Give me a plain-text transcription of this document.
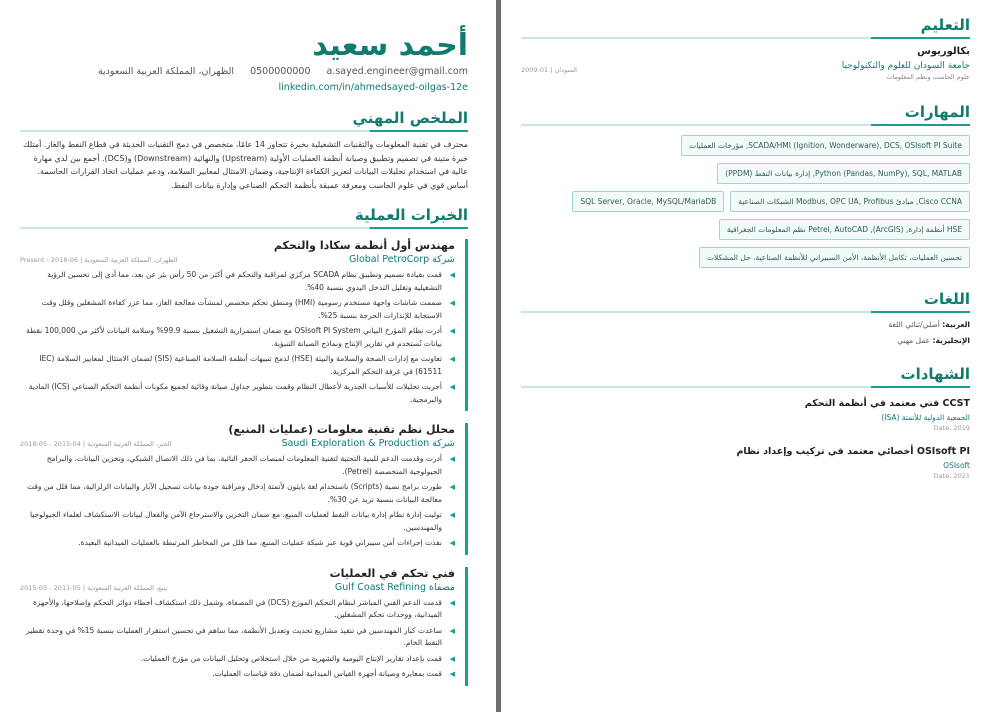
أحمد سعيد
a.sayed.engineer@gmail.com
0500000000
الظهران، المملكة العربية السعودية
linkedin.com/in/ahmedsayed-oilgas-12e
الملخص المهني
محترف في تقنية المعلومات والتقنيات التشغيلية بخبرة تتجاوز 14 عامًا، متخصص في دمج التقنيات الحديثة في قطاع النفط والغاز. أمتلك خبرة متينة في تصميم وتطبيق وصيانة أنظمة العمليات الأولية (Upstream) والنهائية (Downstream) و(DCS). أجمع بين لدي مهارة عالية في استخدام تحليلات البيانات لتعزيز الكفاءة الإنتاجية، وضمان الامتثال لمعايير السلامة، ودعم عمليات اتخاذ القرارات الحاسمة. أساس قوي في علوم الحاسب ومعرفة عميقة بأنظمة التحكم الصناعي وإدارة بيانات النفط.
الخبرات العملية
مهندس أول أنظمة سكادا والتحكم
شركة Global PetroCorp
الظهران، المملكة العربية السعودية | 06-2018 - Present
◀
قمت بقيادة تصميم وتطبيق نظام SCADA مركزي لمراقبة والتحكم في أكثر من 50 رأس بئر عن بعد، مما أدى إلى تحسين الرؤية التشغيلية وتقليل التدخل اليدوي بنسبة 40%.
◀
صممت شاشات واجهة مستخدم رسومية (HMI) ومنطق تحكم مخصص لمنشآت معالجة الغاز، مما عزز كفاءة المشغلين وقلل وقت الاستجابة للإنذارات الحرجة بنسبة 25%.
◀
أدرت نظام المؤرخ البياني OSIsoft PI System مع ضمان استمرارية التشغيل بنسبة 99.9% وسلامة البيانات لأكثر من 100,000 نقطة بيانات تُستخدم في تقارير الإنتاج ونماذج الصيانة التنبؤية.
◀
تعاونت مع إدارات الصحة والسلامة والبيئة (HSE) لدمج تنبيهات أنظمة السلامة الصناعية (SIS) لضمان الامتثال لمعايير السلامة (IEC 61511) في غرفة التحكم المركزية.
◀
أجريت تحليلات للأسباب الجذرية لأعطال النظام وقمت بتطوير جداول صيانة وقائية لجميع مكونات أنظمة التحكم الصناعي (ICS) المادية والبرمجية.
محلل نظم تقنية معلومات (عمليات المنبع)
شركة Saudi Exploration & Production
الخبر، المملكة العربية السعودية | 04-2015 - 05-2018
◀
أدرت وقدمت الدعم للبنية التحتية لتقنية المعلومات لمنصات الحفر النائية، بما في ذلك الاتصال الشبكي، وتخزين البيانات، والبرامج الجيولوجية المتخصصة (Petrel).
◀
طورت برامج نصية (Scripts) باستخدام لغة بايثون لأتمتة إدخال ومراقبة جودة بيانات تسجيل الآبار والبيانات الزلزالية، مما قلل من وقت معالجة البيانات بنسبة تزيد عن 30%.
◀
توليت إدارة نظام إدارة بيانات النفط لعمليات المنبع، مع ضمان التخزين والاسترجاع الآمن والفعال لبيانات الاستكشاف لعلماء الجيولوجيا والمهندسين.
◀
نفذت إجراءات أمن سيبراني قوية عبر شبكة عمليات المنبع، مما قلل من المخاطر المرتبطة بالعمليات الميدانية البعيدة.
فني تحكم في العمليات
مصفاة Gulf Coast Refining
ينبع، المملكة العربية السعودية | 05-2011 - 03-2015
◀
قدمت الدعم الفني المباشر لنظام التحكم الموزع (DCS) في المصفاة، وشمل ذلك استكشاف أخطاء دوائر التحكم وإصلاحها، والأجهزة الميدانية، ووحدات تحكم المشغلين.
◀
ساعدت كبار المهندسين في تنفيذ مشاريع تحديث وتعديل الأنظمة، مما ساهم في تحسين استقرار العمليات بنسبة 15% في وحدة تقطير النفط الخام.
◀
قمت بإعداد تقارير الإنتاج اليومية والشهرية من خلال استخلاص وتحليل البيانات من مؤرخ العمليات.
◀
قمت بمعايرة وصيانة أجهزة القياس الميدانية لضمان دقة قياسات العمليات.
التعليم
بكالوريوس
جامعة السودان للعلوم والتكنولوجيا
علوم الحاسب ونظم المعلومات
السودان | 01-2009
المهارات
SCADA/HMI (Ignition, Wonderware), DCS, OSIsoft PI Suite, مؤرخات العمليات
Python (Pandas, NumPy), SQL, MATLAB, إدارة بيانات النفط (PPDM)
Cisco CCNA, مبادئ Modbus, OPC UA, Profibus الشبكات الصناعية
SQL Server, Oracle, MySQL/MariaDB
HSE أنظمة إدارة, Petrel, AutoCAD ,(ArcGIS) نظم المعلومات الجغرافية
تحسين العمليات، تكامل الأنظمة، الأمن السيبراني للأنظمة الصناعية، حل المشكلات
اللغات
العربية: أصلي/ثنائي اللغة
الإنجليزية: عمل مهني
الشهادات
CCST فني معتمد في أنظمة التحكم
الجمعية الدولية للأتمتة (ISA)
Date: 2019
OSIsoft PI أخصائي معتمد في تركيب وإعداد نظام
OSIsoft
Date: 2021
